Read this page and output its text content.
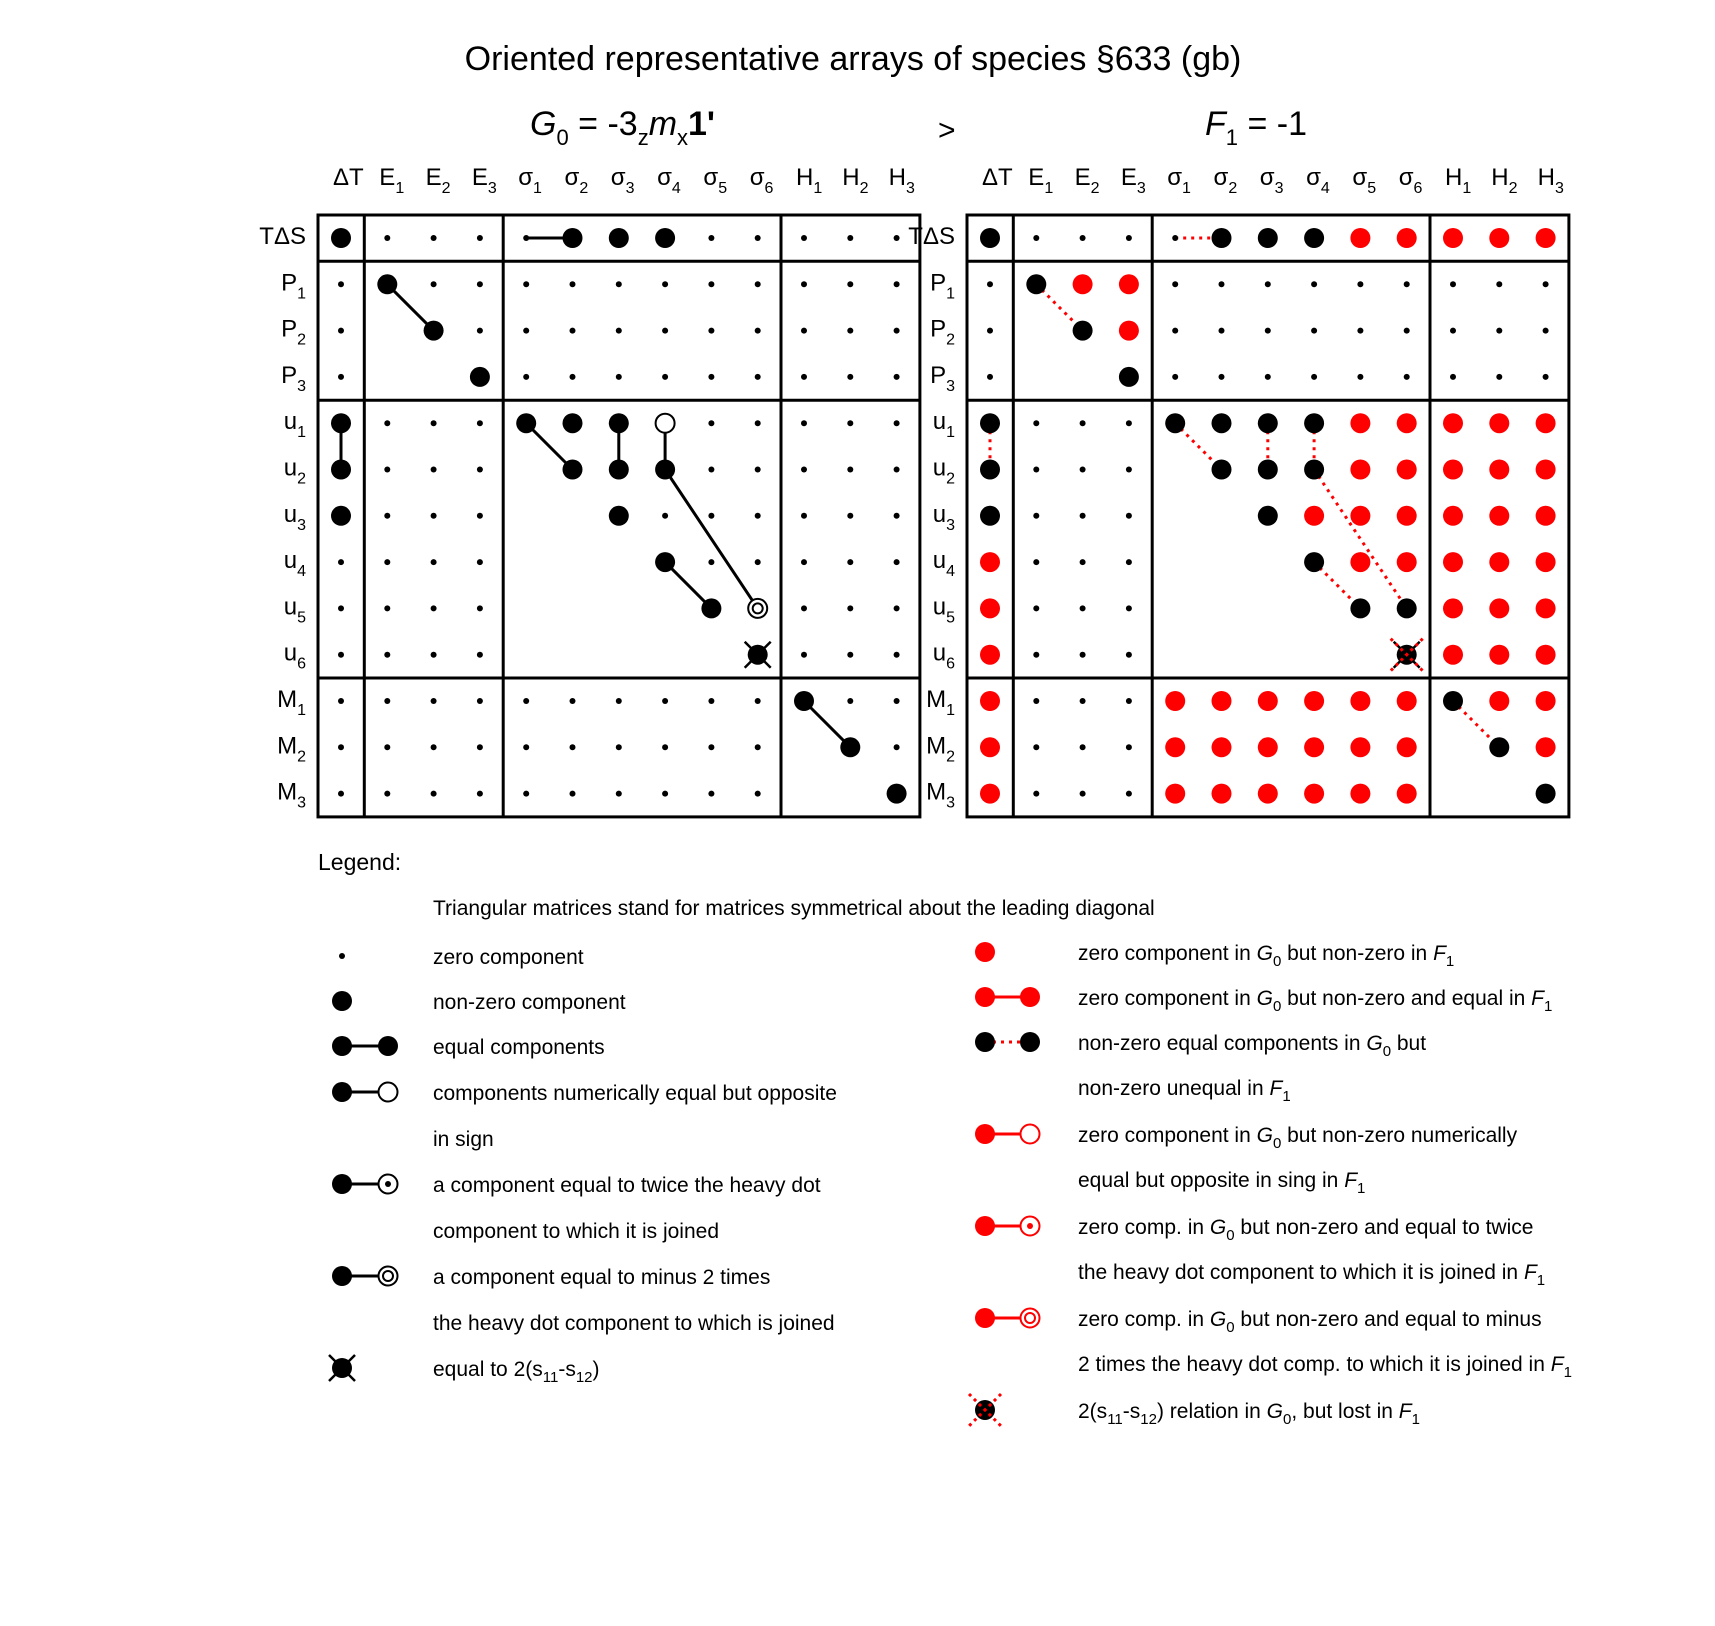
Oriented representative arrays of species §633 (gb)
$G_0 = -3_zm_x1'$	>	$F_1 = -1$
ΔT $E_1$ $E_2$ $E_3$ $\sigma_1$ $\sigma_2$ $\sigma_3$ $\sigma_4$ $\sigma_5$ $\sigma_6$ $H_1$ $H_2$ $H_3$
TΔS
$P_1$
$P_2$
$P_3$
$u_1$
$u_2$
$u_3$
$u_4$
$u_5$
$u_6$
$M_1$
$M_2$
$M_3$
ΔT $E_1$ $E_2$ $E_3$ $\sigma_1$ $\sigma_2$ $\sigma_3$ $\sigma_4$ $\sigma_5$ $\sigma_6$ $H_1$ $H_2$ $H_3$
TΔS
$P_1$
$P_2$
$P_3$
$u_1$
$u_2$
$u_3$
$u_4$
$u_5$
$u_6$
$M_1$
$M_2$
$M_3$
Legend:
Triangular matrices stand for matrices symmetrical about the leading diagonal
zero component
non-zero component
equal components
components numerically equal but opposite
in sign
a component equal to twice the heavy dot
component to which it is joined
a component equal to minus 2 times
the heavy dot component to which is joined
equal to $2(s_{11}-s_{12})$
zero component in $G_0$ but non-zero in $F_1$
zero component in $G_0$ but non-zero and equal in $F_1$
non-zero equal components in $G_0$ but
non-zero unequal in $F_1$
zero component in $G_0$ but non-zero numerically
equal but opposite in sing in $F_1$
zero comp. in $G_0$ but non-zero and equal to twice
the heavy dot component to which it is joined in $F_1$
zero comp. in $G_0$ but non-zero and equal to minus
2 times the heavy dot comp. to which it is joined in $F_1$
$2(s_{11}-s_{12})$ relation in $G_0$, but lost in $F_1$
